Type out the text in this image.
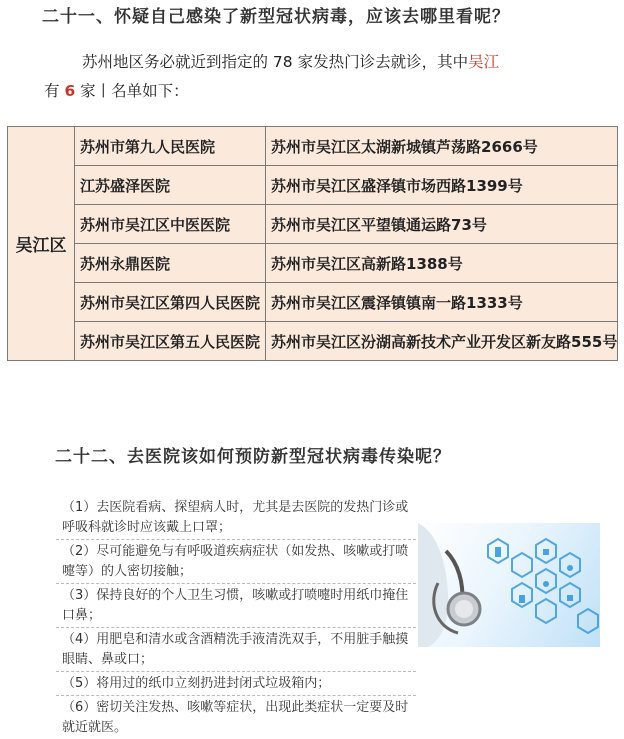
二十一、怀疑自己感染了新型冠状病毒，应该去哪里看呢？
苏州地区务必就近到指定的 78 家发热门诊去就诊，其中吴江
有 6 家丨名单如下：
吴江区	苏州市第九人民医院	苏州市吴江区太湖新城镇芦荡路2666号
	江苏盛泽医院	苏州市吴江区盛泽镇市场西路1399号
	苏州市吴江区中医医院	苏州市吴江区平望镇通运路73号
	苏州永鼎医院	苏州市吴江区高新路1388号
	苏州市吴江区第四人民医院	苏州市吴江区震泽镇镇南一路1333号
	苏州市吴江区第五人民医院	苏州市吴江区汾湖高新技术产业开发区新友路555号
二十二、去医院该如何预防新型冠状病毒传染呢？
（1）去医院看病、探望病人时，尤其是去医院的发热门诊或呼吸科就诊时应该戴上口罩；
（2）尽可能避免与有呼吸道疾病症状（如发热、咳嗽或打喷嚏等）的人密切接触；
（3）保持良好的个人卫生习惯，咳嗽或打喷嚏时用纸巾掩住口鼻；
（4）用肥皂和清水或含酒精洗手液清洗双手，不用脏手触摸眼睛、鼻或口；
（5）将用过的纸巾立刻扔进封闭式垃圾箱内；
（6）密切关注发热、咳嗽等症状，出现此类症状一定要及时就近就医。
